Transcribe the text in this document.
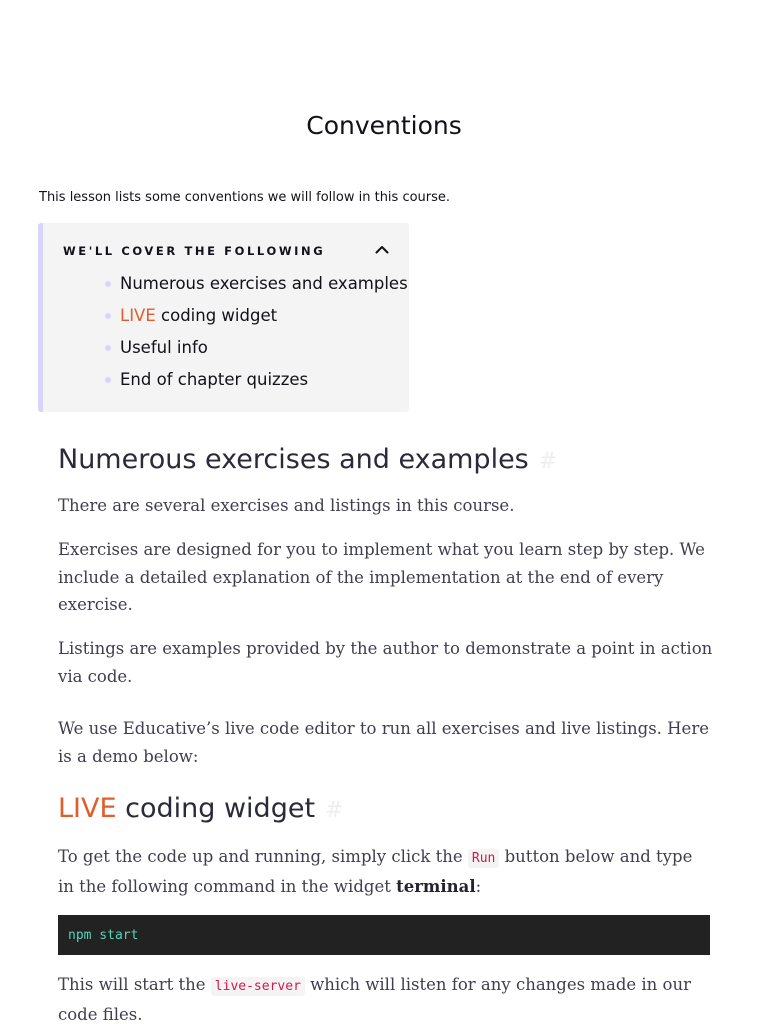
Conventions

This lesson lists some conventions we will follow in this course.

WE'LL COVER THE FOLLOWING
Numerous exercises and examples
LIVE coding widget
Useful info
End of chapter quizzes
Numerous exercises and examples #

There are several exercises and listings in this course.

Exercises are designed for you to implement what you learn step by step. We include a detailed explanation of the implementation at the end of every exercise.

Listings are examples provided by the author to demonstrate a point in action via code.

We use Educative’s live code editor to run all exercises and live listings. Here is a demo below:

LIVE coding widget #

To get the code up and running, simply click the Run button below and type in the following command in the widget terminal:

npm start

This will start the live-server which will listen for any changes made in our code files.
